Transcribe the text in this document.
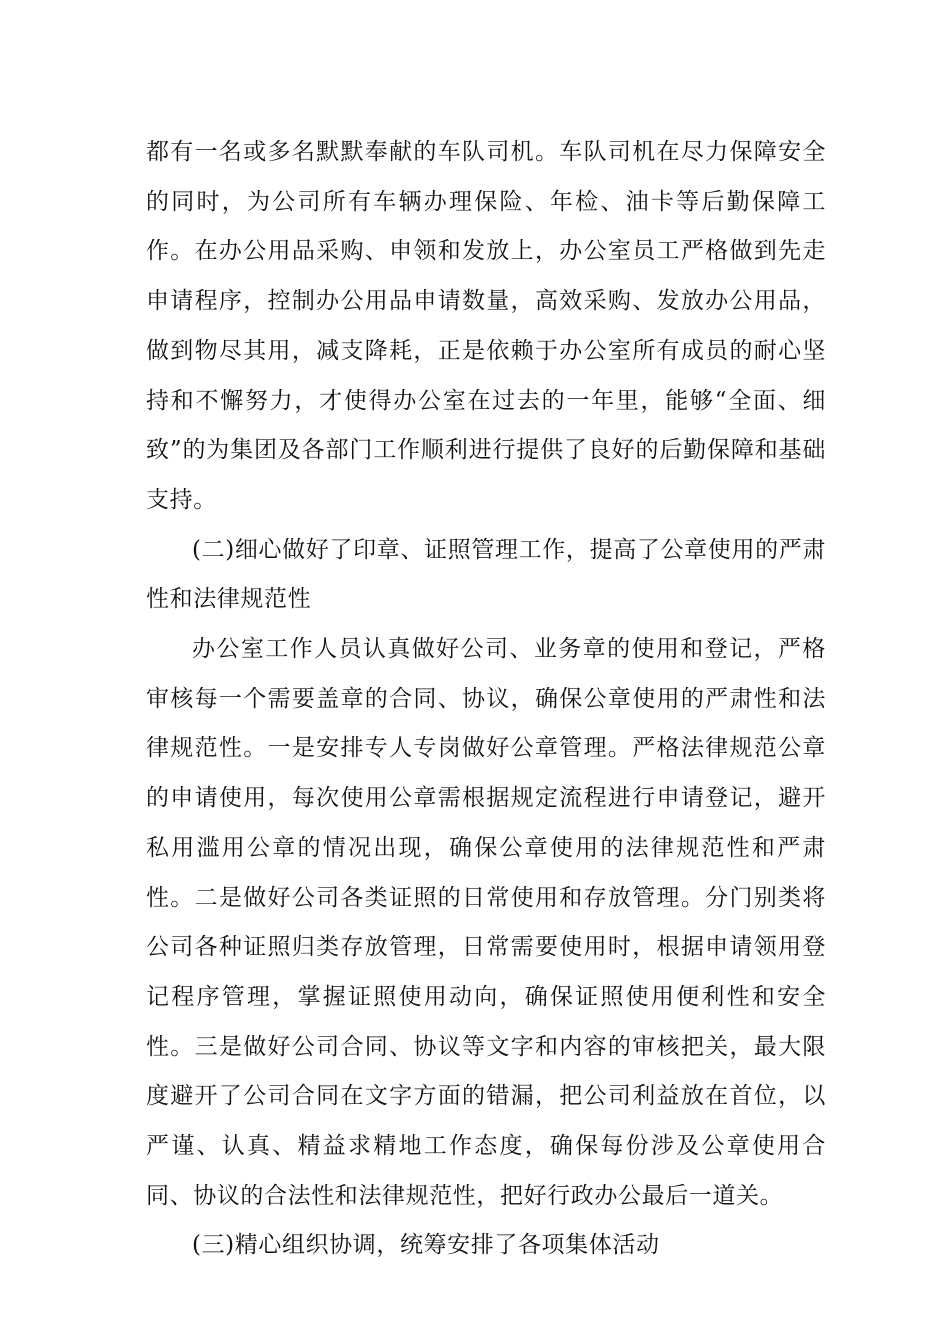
都有一名或多名默默奉献的车队司机。车队司机在尽力保障安全的同时，为公司所有车辆办理保险、年检、油卡等后勤保障工作。在办公用品采购、申领和发放上，办公室员工严格做到先走申请程序，控制办公用品申请数量，高效采购、发放办公用品，做到物尽其用，减支降耗，正是依赖于办公室所有成员的耐心坚持和不懈努力，才使得办公室在过去的一年里，能够“全面、细致”的为集团及各部门工作顺利进行提供了良好的后勤保障和基础支持。

(二)细心做好了印章、证照管理工作，提高了公章使用的严肃性和法律规范性

办公室工作人员认真做好公司、业务章的使用和登记，严格审核每一个需要盖章的合同、协议，确保公章使用的严肃性和法律规范性。一是安排专人专岗做好公章管理。严格法律规范公章的申请使用，每次使用公章需根据规定流程进行申请登记，避开私用滥用公章的情况出现，确保公章使用的法律规范性和严肃性。二是做好公司各类证照的日常使用和存放管理。分门别类将公司各种证照归类存放管理，日常需要使用时，根据申请领用登记程序管理，掌握证照使用动向，确保证照使用便利性和安全性。三是做好公司合同、协议等文字和内容的审核把关，最大限度避开了公司合同在文字方面的错漏，把公司利益放在首位，以严谨、认真、精益求精地工作态度，确保每份涉及公章使用合同、协议的合法性和法律规范性，把好行政办公最后一道关。

(三)精心组织协调，统筹安排了各项集体活动
